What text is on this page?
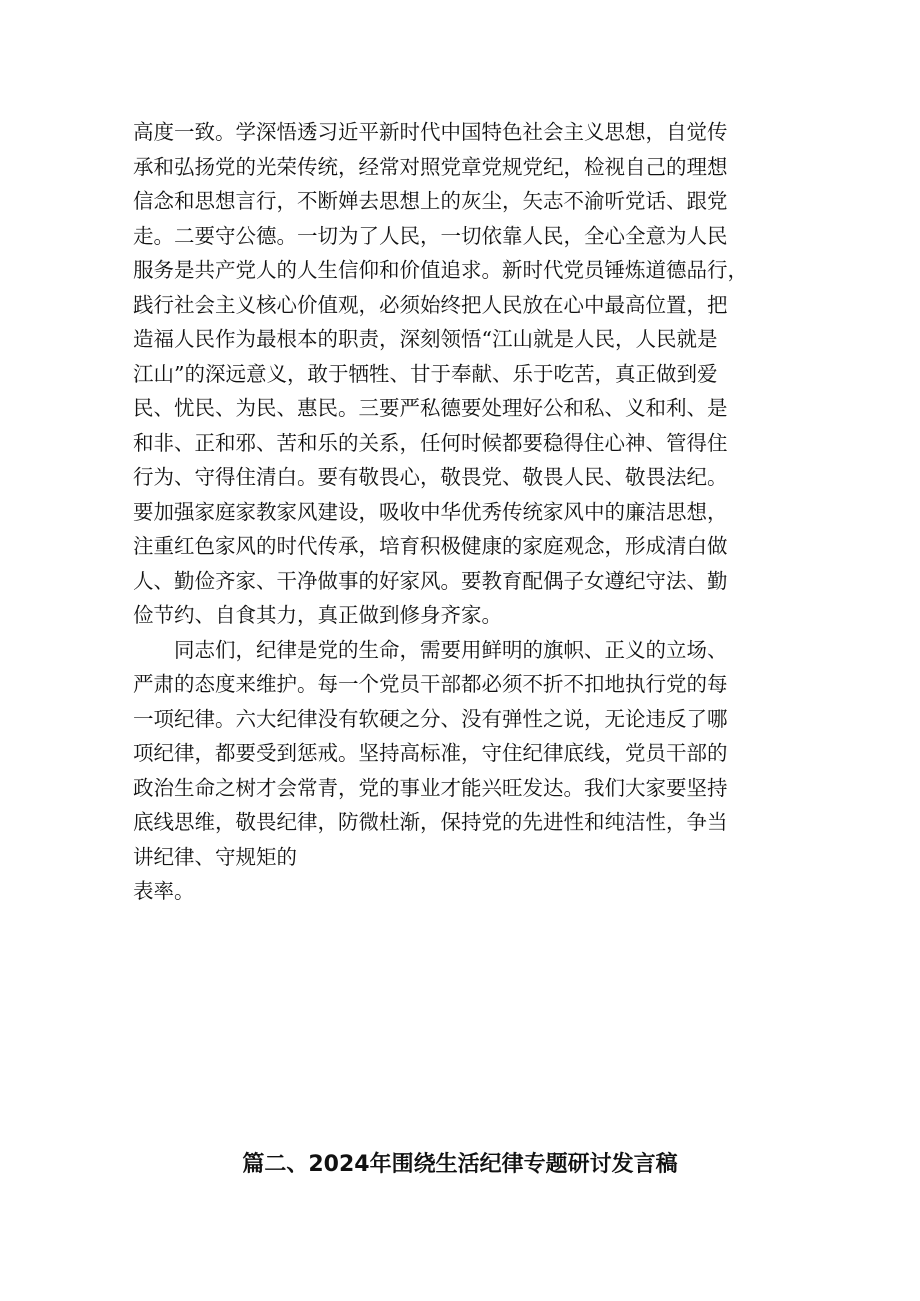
高度一致。学深悟透习近平新时代中国特色社会主义思想，自觉传
承和弘扬党的光荣传统，经常对照党章党规党纪，检视自己的理想
信念和思想言行，不断婵去思想上的灰尘，矢志不渝听党话、跟党
走。二要守公德。一切为了人民，一切依靠人民，全心全意为人民
服务是共产党人的人生信仰和价值追求。新时代党员锤炼道德品行，
践行社会主义核心价值观，必须始终把人民放在心中最高位置，把
造福人民作为最根本的职责，深刻领悟“江山就是人民，人民就是
江山”的深远意义，敢于牺牲、甘于奉献、乐于吃苦，真正做到爱
民、忧民、为民、惠民。三要严私德要处理好公和私、义和利、是
和非、正和邪、苦和乐的关系，任何时候都要稳得住心神、管得住
行为、守得住清白。要有敬畏心，敬畏党、敬畏人民、敬畏法纪。
要加强家庭家教家风建设，吸收中华优秀传统家风中的廉洁思想，
注重红色家风的时代传承，培育积极健康的家庭观念，形成清白做
人、勤俭齐家、干净做事的好家风。要教育配偶子女遵纪守法、勤
俭节约、自食其力，真正做到修身齐家。
同志们，纪律是党的生命，需要用鲜明的旗帜、正义的立场、
严肃的态度来维护。每一个党员干部都必须不折不扣地执行党的每
一项纪律。六大纪律没有软硬之分、没有弹性之说，无论违反了哪
项纪律，都要受到惩戒。坚持高标准，守住纪律底线，党员干部的
政治生命之树才会常青，党的事业才能兴旺发达。我们大家要坚持
底线思维，敬畏纪律，防微杜渐，保持党的先进性和纯洁性，争当
讲纪律、守规矩的
表率。
篇二、2024年围绕生活纪律专题研讨发言稿
